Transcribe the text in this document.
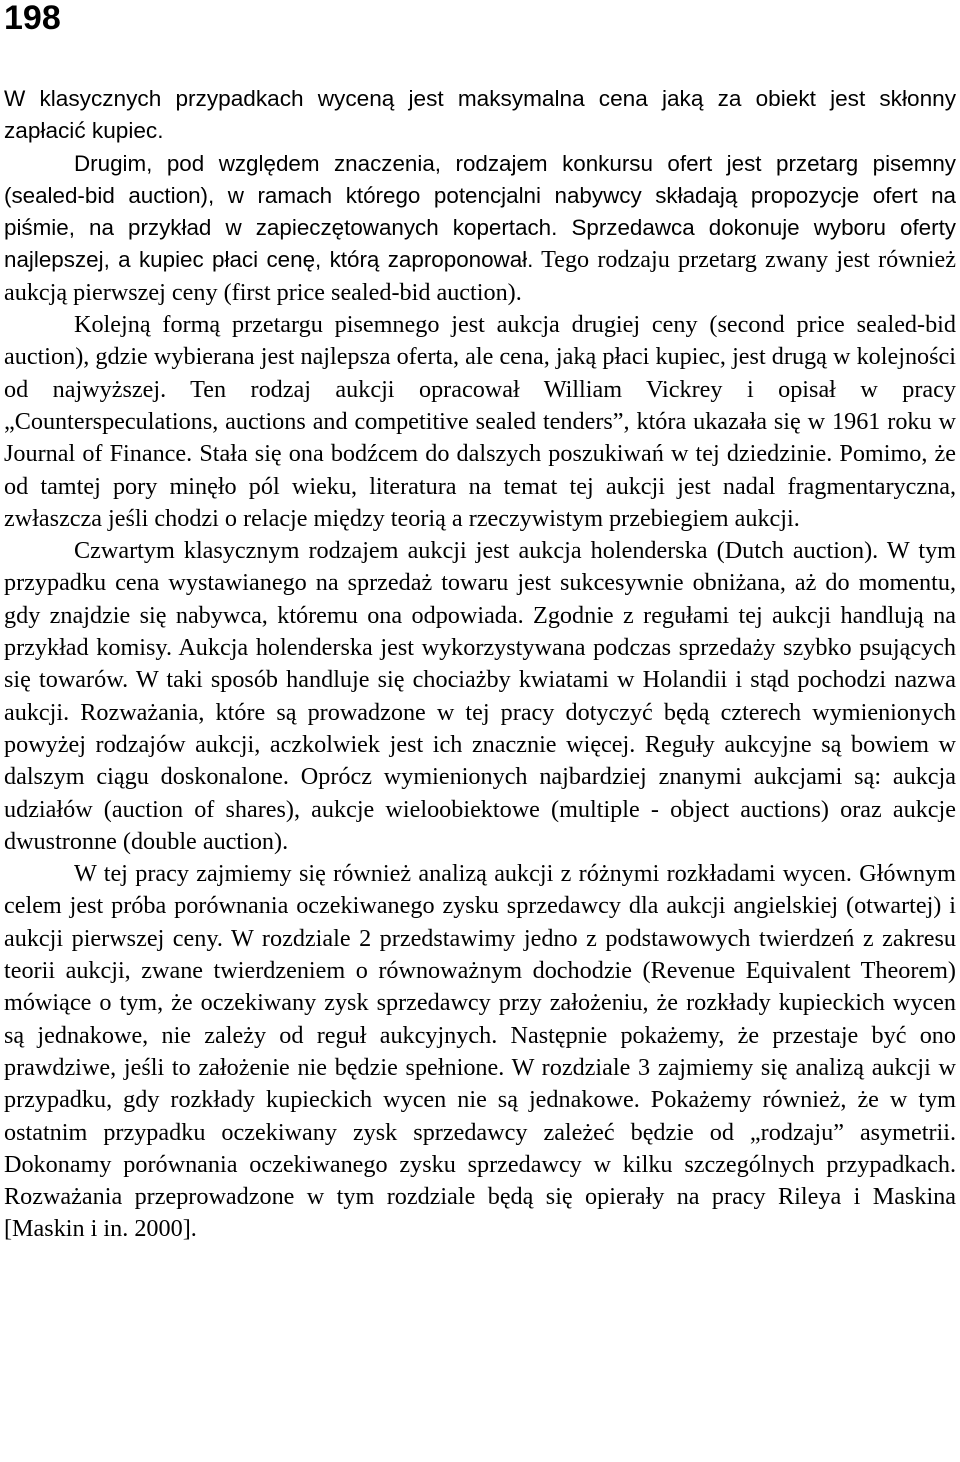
198

W klasycznych przypadkach wyceną jest maksymalna cena jaką za obiekt jest skłonny zapłacić kupiec.

Drugim, pod względem znaczenia, rodzajem konkursu ofert jest przetarg pisemny (sealed-bid auction), w ramach którego potencjalni nabywcy składają propozycje ofert na piśmie, na przykład w zapieczętowanych kopertach. Sprzedawca dokonuje wyboru oferty najlepszej, a kupiec płaci cenę, którą zaproponował. Tego rodzaju przetarg zwany jest również aukcją pierwszej ceny (first price sealed-bid auction).

Kolejną formą przetargu pisemnego jest aukcja drugiej ceny (second price sealed-bid auction), gdzie wybierana jest najlepsza oferta, ale cena, jaką płaci kupiec, jest drugą w kolejności od najwyższej. Ten rodzaj aukcji opracował William Vickrey i opisał w pracy „Counterspeculations, auctions and competitive sealed tenders”, która ukazała się w 1961 roku w Journal of Finance. Stała się ona bodźcem do dalszych poszukiwań w tej dziedzinie. Pomimo, że od tamtej pory minęło pól wieku, literatura na temat tej aukcji jest nadal fragmentaryczna, zwłaszcza jeśli chodzi o relacje między teorią a rzeczywistym przebiegiem aukcji.

Czwartym klasycznym rodzajem aukcji jest aukcja holenderska (Dutch auction). W tym przypadku cena wystawianego na sprzedaż towaru jest sukcesywnie obniżana, aż do momentu, gdy znajdzie się nabywca, któremu ona odpowiada. Zgodnie z regułami tej aukcji handlują na przykład komisy. Aukcja holenderska jest wykorzystywana podczas sprzedaży szybko psujących się towarów. W taki sposób handluje się chociażby kwiatami w Holandii i stąd pochodzi nazwa aukcji. Rozważania, które są prowadzone w tej pracy dotyczyć będą czterech wymienionych powyżej rodzajów aukcji, aczkolwiek jest ich znacznie więcej. Reguły aukcyjne są bowiem w dalszym ciągu doskonalone. Oprócz wymienionych najbardziej znanymi aukcjami są: aukcja udziałów (auction of shares), aukcje wieloobiektowe (multiple - object auctions) oraz aukcje dwustronne (double auction).

W tej pracy zajmiemy się również analizą aukcji z różnymi rozkładami wycen. Głównym celem jest próba porównania oczekiwanego zysku sprzedawcy dla aukcji angielskiej (otwartej) i aukcji pierwszej ceny. W rozdziale 2 przedstawimy jedno z podstawowych twierdzeń z zakresu teorii aukcji, zwane twierdzeniem o równoważnym dochodzie (Revenue Equivalent Theorem) mówiące o tym, że oczekiwany zysk sprzedawcy przy założeniu, że rozkłady kupieckich wycen są jednakowe, nie zależy od reguł aukcyjnych. Następnie pokażemy, że przestaje być ono prawdziwe, jeśli to założenie nie będzie spełnione. W rozdziale 3 zajmiemy się analizą aukcji w przypadku, gdy rozkłady kupieckich wycen nie są jednakowe. Pokażemy również, że w tym ostatnim przypadku oczekiwany zysk sprzedawcy zależeć będzie od „rodzaju” asymetrii. Dokonamy porównania oczekiwanego zysku sprzedawcy w kilku szczególnych przypadkach. Rozważania przeprowadzone w tym rozdziale będą się opierały na pracy Rileya i Maskina [Maskin i in. 2000].
